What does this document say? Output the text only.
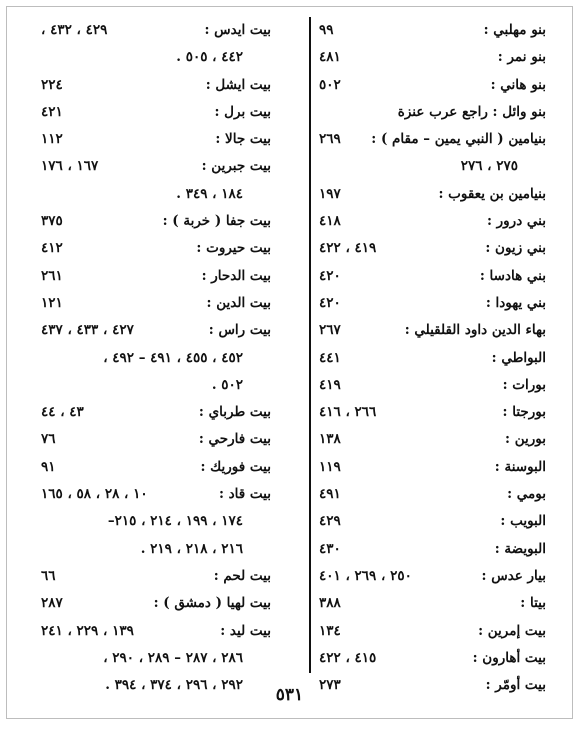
بنو مهلبي :
٩٩
بنو نمر :
٤٨١
بنو هاني :
٥٠٢
بنو وائل : راجع عرب عنزة
بنيامين ( النبي يمين – مقام ) :
٢٦٩
٢٧٥ ، ٢٧٦
بنيامين بن يعقوب :
١٩٧
بني درور :
٤١٨
بني زيون :
٤١٩ ، ٤٢٢
بني هادسا :
٤٢٠
بني يهودا :
٤٢٠
بهاء الدين داود القلقيلي :
٢٦٧
البواطي :
٤٤١
بورات :
٤١٩
بورجتا :
٢٦٦ ، ٤١٦
بورين :
١٣٨
البوسنة :
١١٩
بومي :
٤٩١
البويب :
٤٢٩
البويضة :
٤٣٠
بيار عدس :
٢٥٠ ، ٢٦٩ ، ٤٠١
بيتا :
٣٨٨
بيت إمرين :
١٣٤
بيت أهارون :
٤١٥ ، ٤٢٢
بيت أومّر :
٢٧٣
بيت ايدس :
٤٢٩ ، ٤٣٢ ،
٤٤٢ ، ٥٠٥ .
بيت ايشل :
٢٢٤
بيت برل :
٤٢١
بيت جالا :
١١٢
بيت جبرين :
١٦٧ ، ١٧٦
١٨٤ ، ٣٤٩ .
بيت جفا ( خربة ) :
٣٧٥
بيت حيروت :
٤١٢
بيت الدحار :
٢٦١
بيت الدين :
١٢١
بيت راس :
٤٢٧ ، ٤٣٣ ، ٤٣٧
٤٥٢ ، ٤٥٥ ، ٤٩١ – ٤٩٢ ،
٥٠٢ .
بيت طرباي :
٤٣ ، ٤٤
بيت فارحي :
٧٦
بيت فوريك :
٩١
بيت قاد :
١٠ ، ٢٨ ، ٥٨ ، ١٦٥
١٧٤ ، ١٩٩ ، ٢١٤ ، ٢١٥–
٢١٦ ، ٢١٨ ، ٢١٩ .
بيت لحم :
٦٦
بيت لهيا ( دمشق ) :
٢٨٧
بيت ليد :
١٣٩ ، ٢٢٩ ، ٢٤١
٢٨٦ ، ٢٨٧ – ٢٨٩ ، ٢٩٠ ،
٢٩٢ ، ٢٩٦ ، ٣٧٤ ، ٣٩٤ .	٥٣١
